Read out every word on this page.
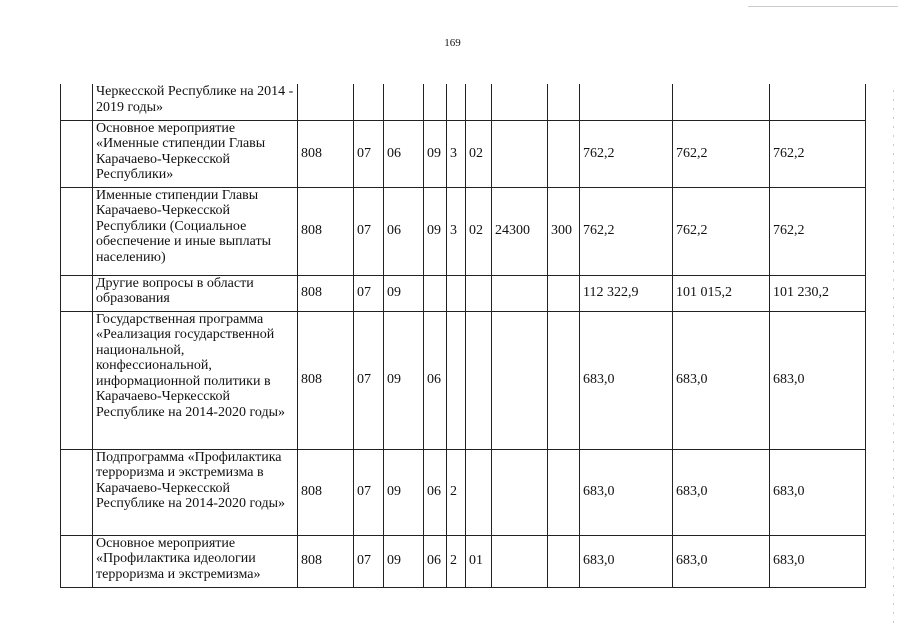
169
	Черкесской Республике на 2014 - 2019 годы»											
	Основное мероприятие «Именные стипендии Главы Карачаево-Черкесской Республики»	808	07	06	09	3	02			762,2	762,2	762,2
	Именные стипендии Главы Карачаево-Черкесской Республики (Социальное обеспечение и иные выплаты населению)	808	07	06	09	3	02	24300	300	762,2	762,2	762,2
	Другие вопросы в области образования	808	07	09						112 322,9	101 015,2	101 230,2
	Государственная программа «Реализация государственной национальной, конфессиональной, информационной политики в Карачаево-Черкесской Республике на 2014-2020 годы»	808	07	09	06					683,0	683,0	683,0
	Подпрограмма «Профилактика терроризма и экстремизма в Карачаево-Черкесской Республике на 2014-2020 годы»	808	07	09	06	2				683,0	683,0	683,0
	Основное мероприятие «Профилактика идеологии терроризма и экстремизма»	808	07	09	06	2	01			683,0	683,0	683,0
